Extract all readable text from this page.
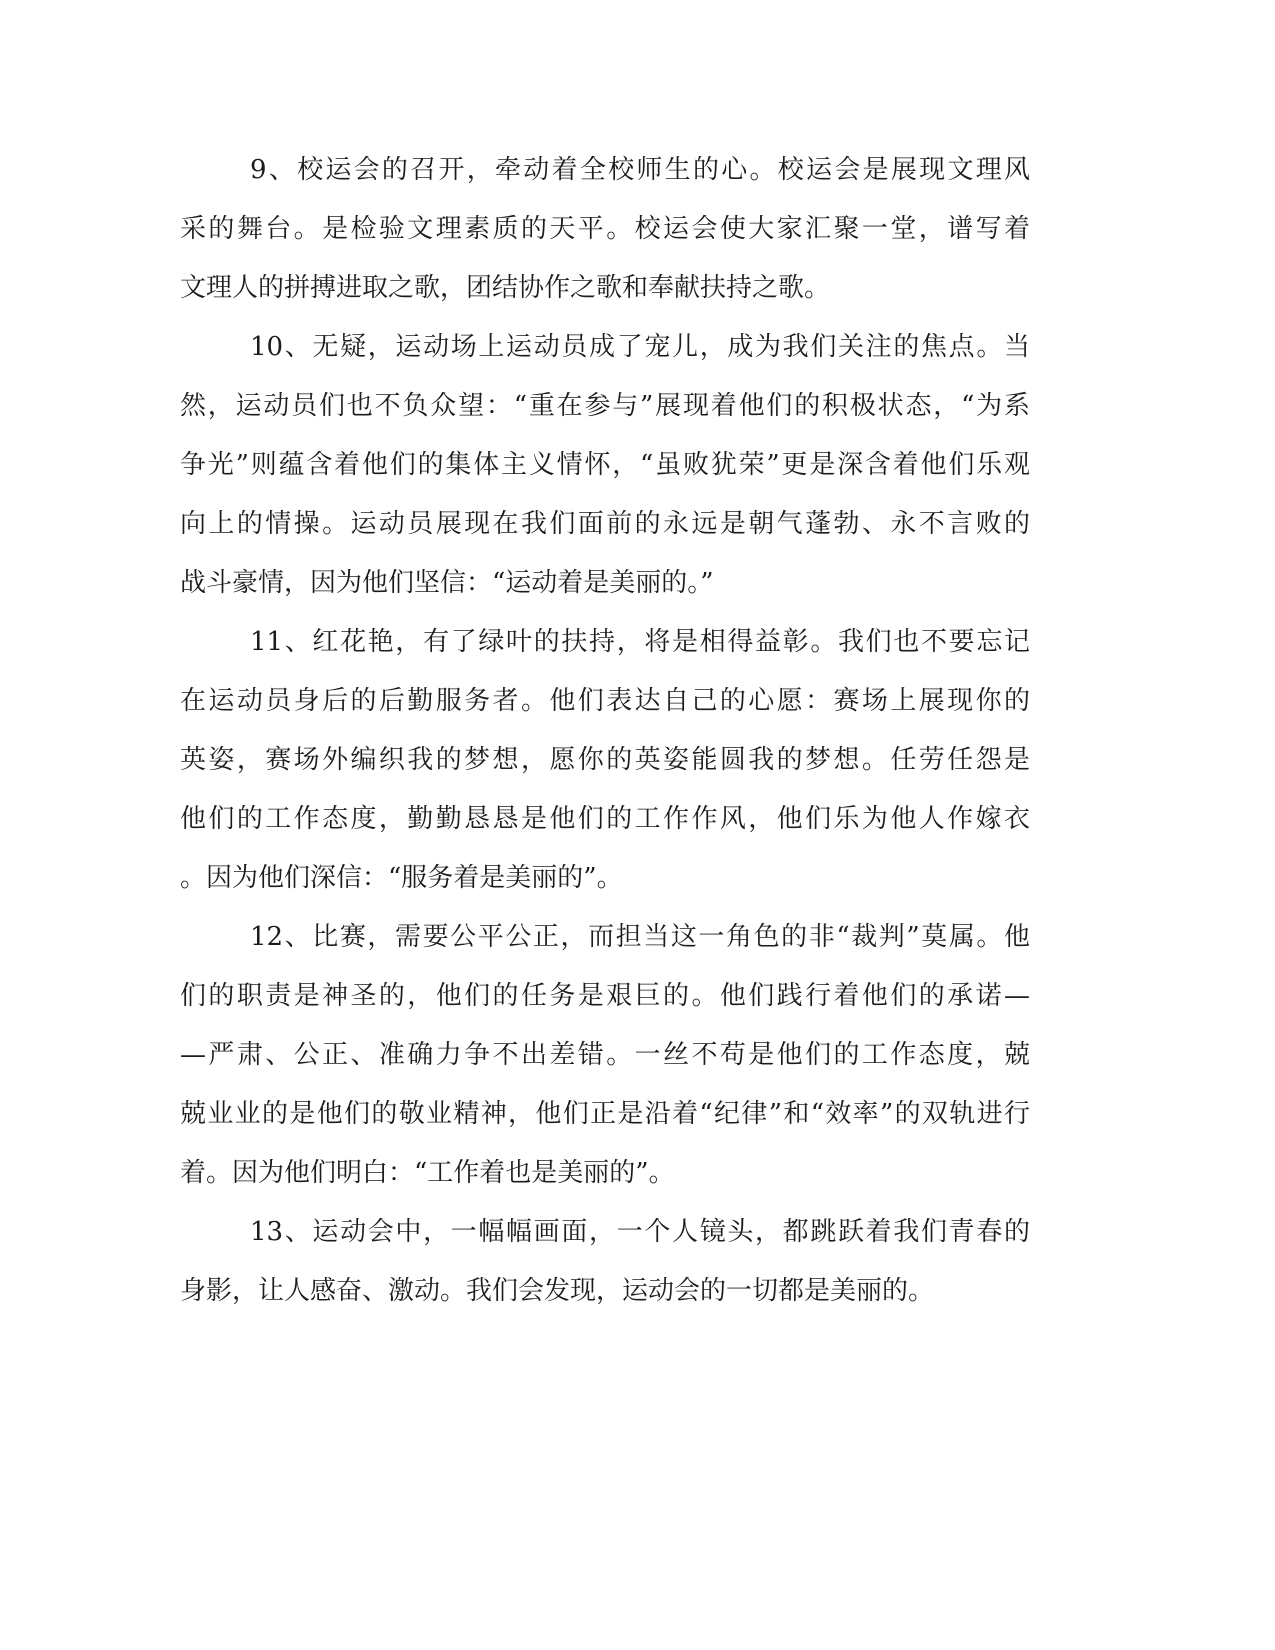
9、校运会的召开，牵动着全校师生的心。校运会是展现文理风
采的舞台。是检验文理素质的天平。校运会使大家汇聚一堂，谱写着
文理人的拼搏进取之歌，团结协作之歌和奉献扶持之歌。
10、无疑，运动场上运动员成了宠儿，成为我们关注的焦点。当
然，运动员们也不负众望：“重在参与”展现着他们的积极状态，“为系
争光”则蕴含着他们的集体主义情怀，“虽败犹荣”更是深含着他们乐观
向上的情操。运动员展现在我们面前的永远是朝气蓬勃、永不言败的
战斗豪情，因为他们坚信：“运动着是美丽的。”
11、红花艳，有了绿叶的扶持，将是相得益彰。我们也不要忘记
在运动员身后的后勤服务者。他们表达自己的心愿：赛场上展现你的
英姿，赛场外编织我的梦想，愿你的英姿能圆我的梦想。任劳任怨是
他们的工作态度，勤勤恳恳是他们的工作作风，他们乐为他人作嫁衣
。因为他们深信：“服务着是美丽的”。
12、比赛，需要公平公正，而担当这一角色的非“裁判”莫属。他
们的职责是神圣的，他们的任务是艰巨的。他们践行着他们的承诺—
—严肃、公正、准确力争不出差错。一丝不苟是他们的工作态度，兢
兢业业的是他们的敬业精神，他们正是沿着“纪律”和“效率”的双轨进行
着。因为他们明白：“工作着也是美丽的”。
13、运动会中，一幅幅画面，一个人镜头，都跳跃着我们青春的
身影，让人感奋、激动。我们会发现，运动会的一切都是美丽的。
